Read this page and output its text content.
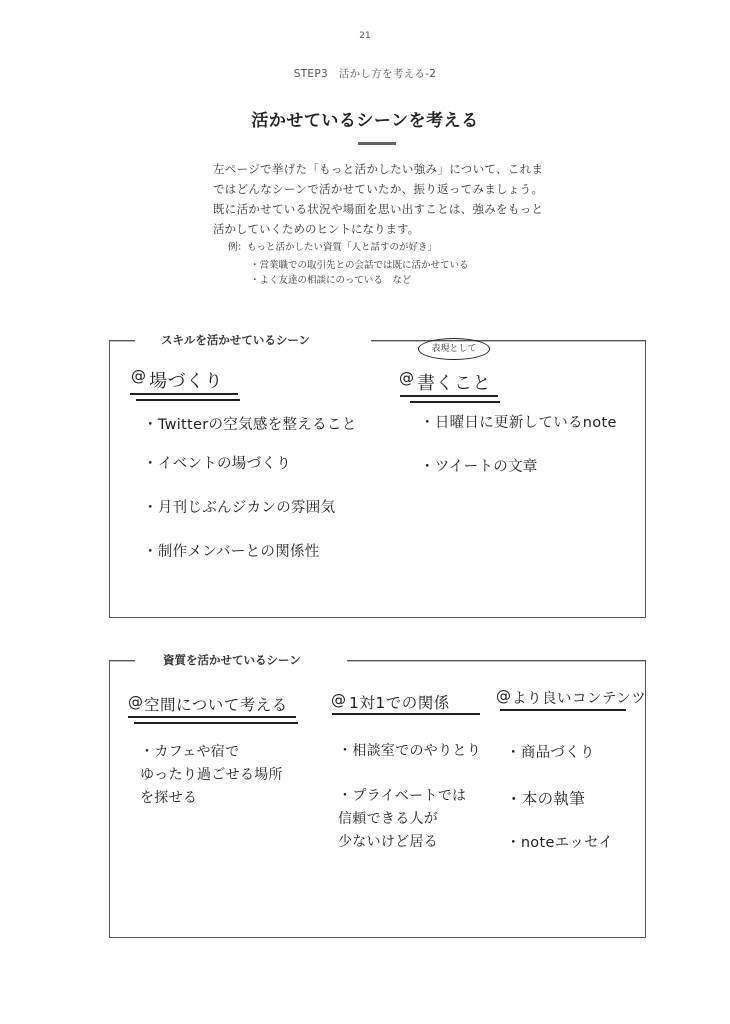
21
STEP3　活かし方を考える-2
活かせているシーンを考える

左ページで挙げた「もっと活かしたい強み」について、これまではどんなシーンで活かせていたか、振り返ってみましょう。既に活かせている状況や場面を思い出すことは、強みをもっと活かしていくためのヒントになります。

例：もっと活かしたい資質「人と話すのが好き」
・営業職での取引先との会話では既に活かせている
・よく友達の相談にのっている　など
スキルを活かせているシーン
@ 場づくり
・Twitterの空気感を整えること
・イベントの場づくり
・月刊じぶんジカンの雰囲気
・制作メンバーとの関係性
表現として
@ 書くこと
・日曜日に更新しているnote
・ツイートの文章
資質を活かせているシーン
@ 空間について考える
・カフェや宿で
ゆったり過ごせる場所
を探せる
@ 1対1での関係
・相談室でのやりとり
・プライベートでは
信頼できる人が
少ないけど居る
@ より良いコンテンツ
・商品づくり
・本の執筆
・noteエッセイ
